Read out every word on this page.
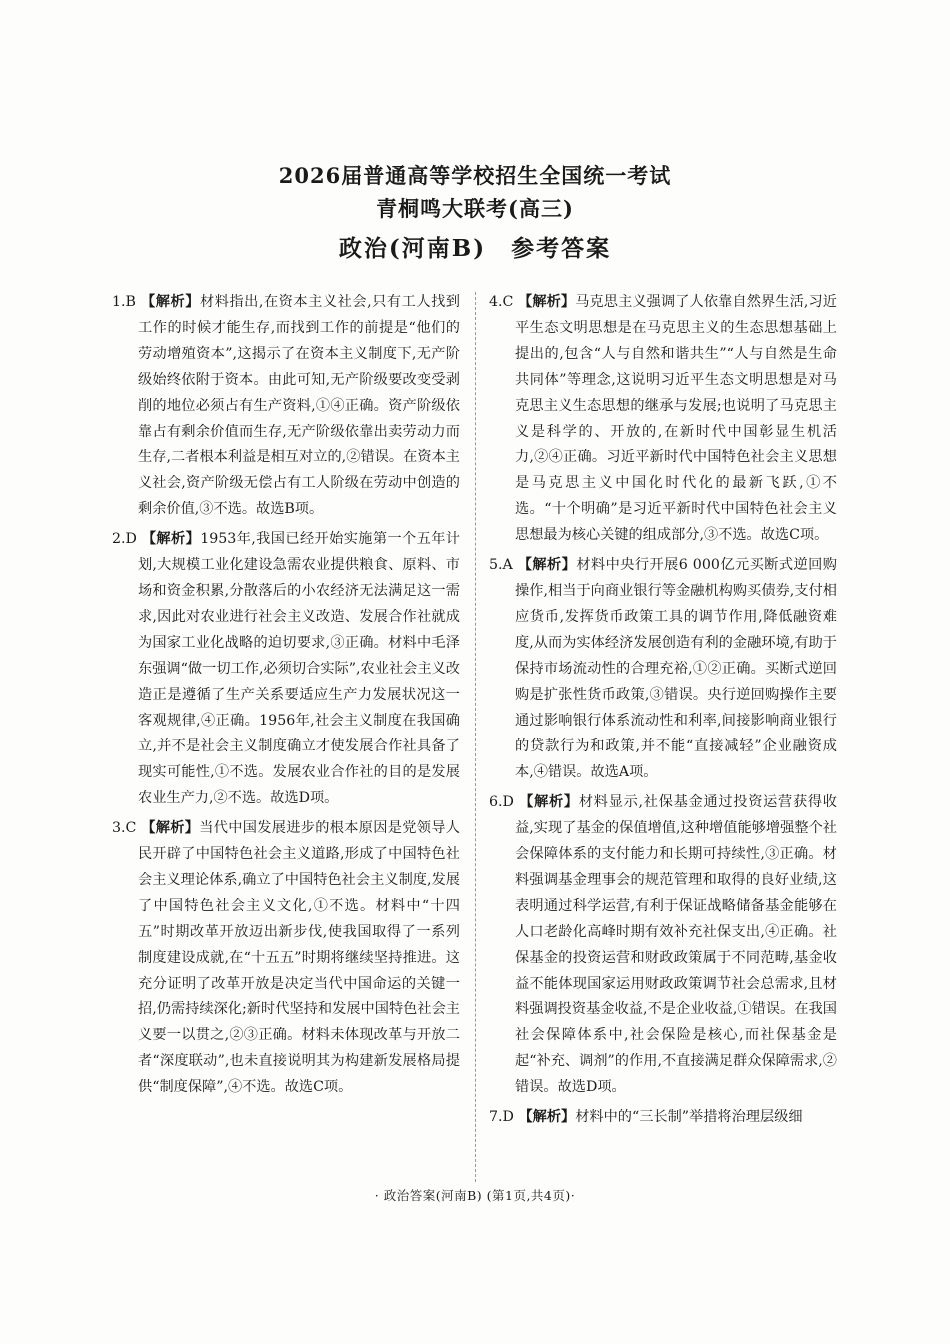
2026届普通高等学校招生全国统一考试
青桐鸣大联考(高三)
政治(河南B)　参考答案

1.B 【解析】材料指出,在资本主义社会,只有工人找到工作的时候才能生存,而找到工作的前提是“他们的劳动增殖资本”,这揭示了在资本主义制度下,无产阶级始终依附于资本。由此可知,无产阶级要改变受剥削的地位必须占有生产资料,①④正确。资产阶级依靠占有剩余价值而生存,无产阶级依靠出卖劳动力而生存,二者根本利益是相互对立的,②错误。在资本主义社会,资产阶级无偿占有工人阶级在劳动中创造的剩余价值,③不选。故选B项。

2.D 【解析】1953年,我国已经开始实施第一个五年计划,大规模工业化建设急需农业提供粮食、原料、市场和资金积累,分散落后的小农经济无法满足这一需求,因此对农业进行社会主义改造、发展合作社就成为国家工业化战略的迫切要求,③正确。材料中毛泽东强调“做一切工作,必须切合实际”,农业社会主义改造正是遵循了生产关系要适应生产力发展状况这一客观规律,④正确。1956年,社会主义制度在我国确立,并不是社会主义制度确立才使发展合作社具备了现实可能性,①不选。发展农业合作社的目的是发展农业生产力,②不选。故选D项。

3.C 【解析】当代中国发展进步的根本原因是党领导人民开辟了中国特色社会主义道路,形成了中国特色社会主义理论体系,确立了中国特色社会主义制度,发展了中国特色社会主义文化,①不选。材料中“十四五”时期改革开放迈出新步伐,使我国取得了一系列制度建设成就,在“十五五”时期将继续坚持推进。这充分证明了改革开放是决定当代中国命运的关键一招,仍需持续深化;新时代坚持和发展中国特色社会主义要一以贯之,②③正确。材料未体现改革与开放二者“深度联动”,也未直接说明其为构建新发展格局提供“制度保障”,④不选。故选C项。

4.C 【解析】马克思主义强调了人依靠自然界生活,习近平生态文明思想是在马克思主义的生态思想基础上提出的,包含“人与自然和谐共生”“人与自然是生命共同体”等理念,这说明习近平生态文明思想是对马克思主义生态思想的继承与发展;也说明了马克思主义是科学的、开放的,在新时代中国彰显生机活力,②④正确。习近平新时代中国特色社会主义思想是马克思主义中国化时代化的最新飞跃,①不选。“十个明确”是习近平新时代中国特色社会主义思想最为核心关键的组成部分,③不选。故选C项。

5.A 【解析】材料中央行开展6 000亿元买断式逆回购操作,相当于向商业银行等金融机构购买债券,支付相应货币,发挥货币政策工具的调节作用,降低融资难度,从而为实体经济发展创造有利的金融环境,有助于保持市场流动性的合理充裕,①②正确。买断式逆回购是扩张性货币政策,③错误。央行逆回购操作主要通过影响银行体系流动性和利率,间接影响商业银行的贷款行为和政策,并不能“直接减轻”企业融资成本,④错误。故选A项。

6.D 【解析】材料显示,社保基金通过投资运营获得收益,实现了基金的保值增值,这种增值能够增强整个社会保障体系的支付能力和长期可持续性,③正确。材料强调基金理事会的规范管理和取得的良好业绩,这表明通过科学运营,有利于保证战略储备基金能够在人口老龄化高峰时期有效补充社保支出,④正确。社保基金的投资运营和财政政策属于不同范畴,基金收益不能体现国家运用财政政策调节社会总需求,且材料强调投资基金收益,不是企业收益,①错误。在我国社会保障体系中,社会保险是核心,而社保基金是起“补充、调剂”的作用,不直接满足群众保障需求,②错误。故选D项。

7.D 【解析】材料中的“三长制”举措将治理层级细

· 政治答案(河南B) (第1页,共4页)·
